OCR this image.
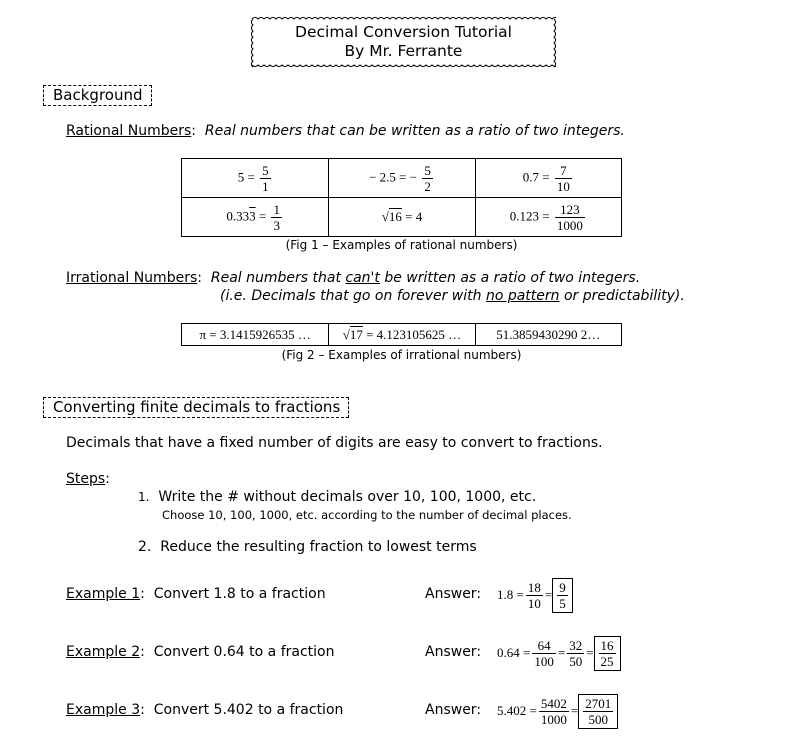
Decimal Conversion Tutorial
By Mr. Ferrante
Background
Rational Numbers:  Real numbers that can be written as a ratio of two integers.
$5 = \frac{5}{1}$	− 2.5 = − $\frac{5}{2}$	$0.7 = \frac{7}{10}$

$0.333 = \frac{1}{3}$	√16 = 4	$0.123 = \frac{123}{1000}$
(Fig 1 – Examples of rational numbers)
Irrational Numbers:  Real numbers that can't be written as a ratio of two integers.
(i.e. Decimals that go on forever with no pattern or predictability).
π = 3.1415926535 …	√17 = 4.123105625 …	51.3859430290 2…
(Fig 2 – Examples of irrational numbers)
Converting finite decimals to fractions
Decimals that have a fixed number of digits are easy to convert to fractions.
Steps:
1. Write the # without decimals over 10, 100, 1000, etc.
Choose 10, 100, 1000, etc. according to the number of decimal places.
2. Reduce the resulting fraction to lowest terms
Example 1:  Convert 1.8 to a fraction	Answer: $1.8 = \frac{18}{10} = \frac{9}{5}$
Example 2:  Convert 0.64 to a fraction	Answer: $0.64 = \frac{64}{100} = \frac{32}{50} = \frac{16}{25}$
Example 3:  Convert 5.402 to a fraction	Answer: $5.402 = \frac{5402}{1000} = \frac{2701}{500}$
